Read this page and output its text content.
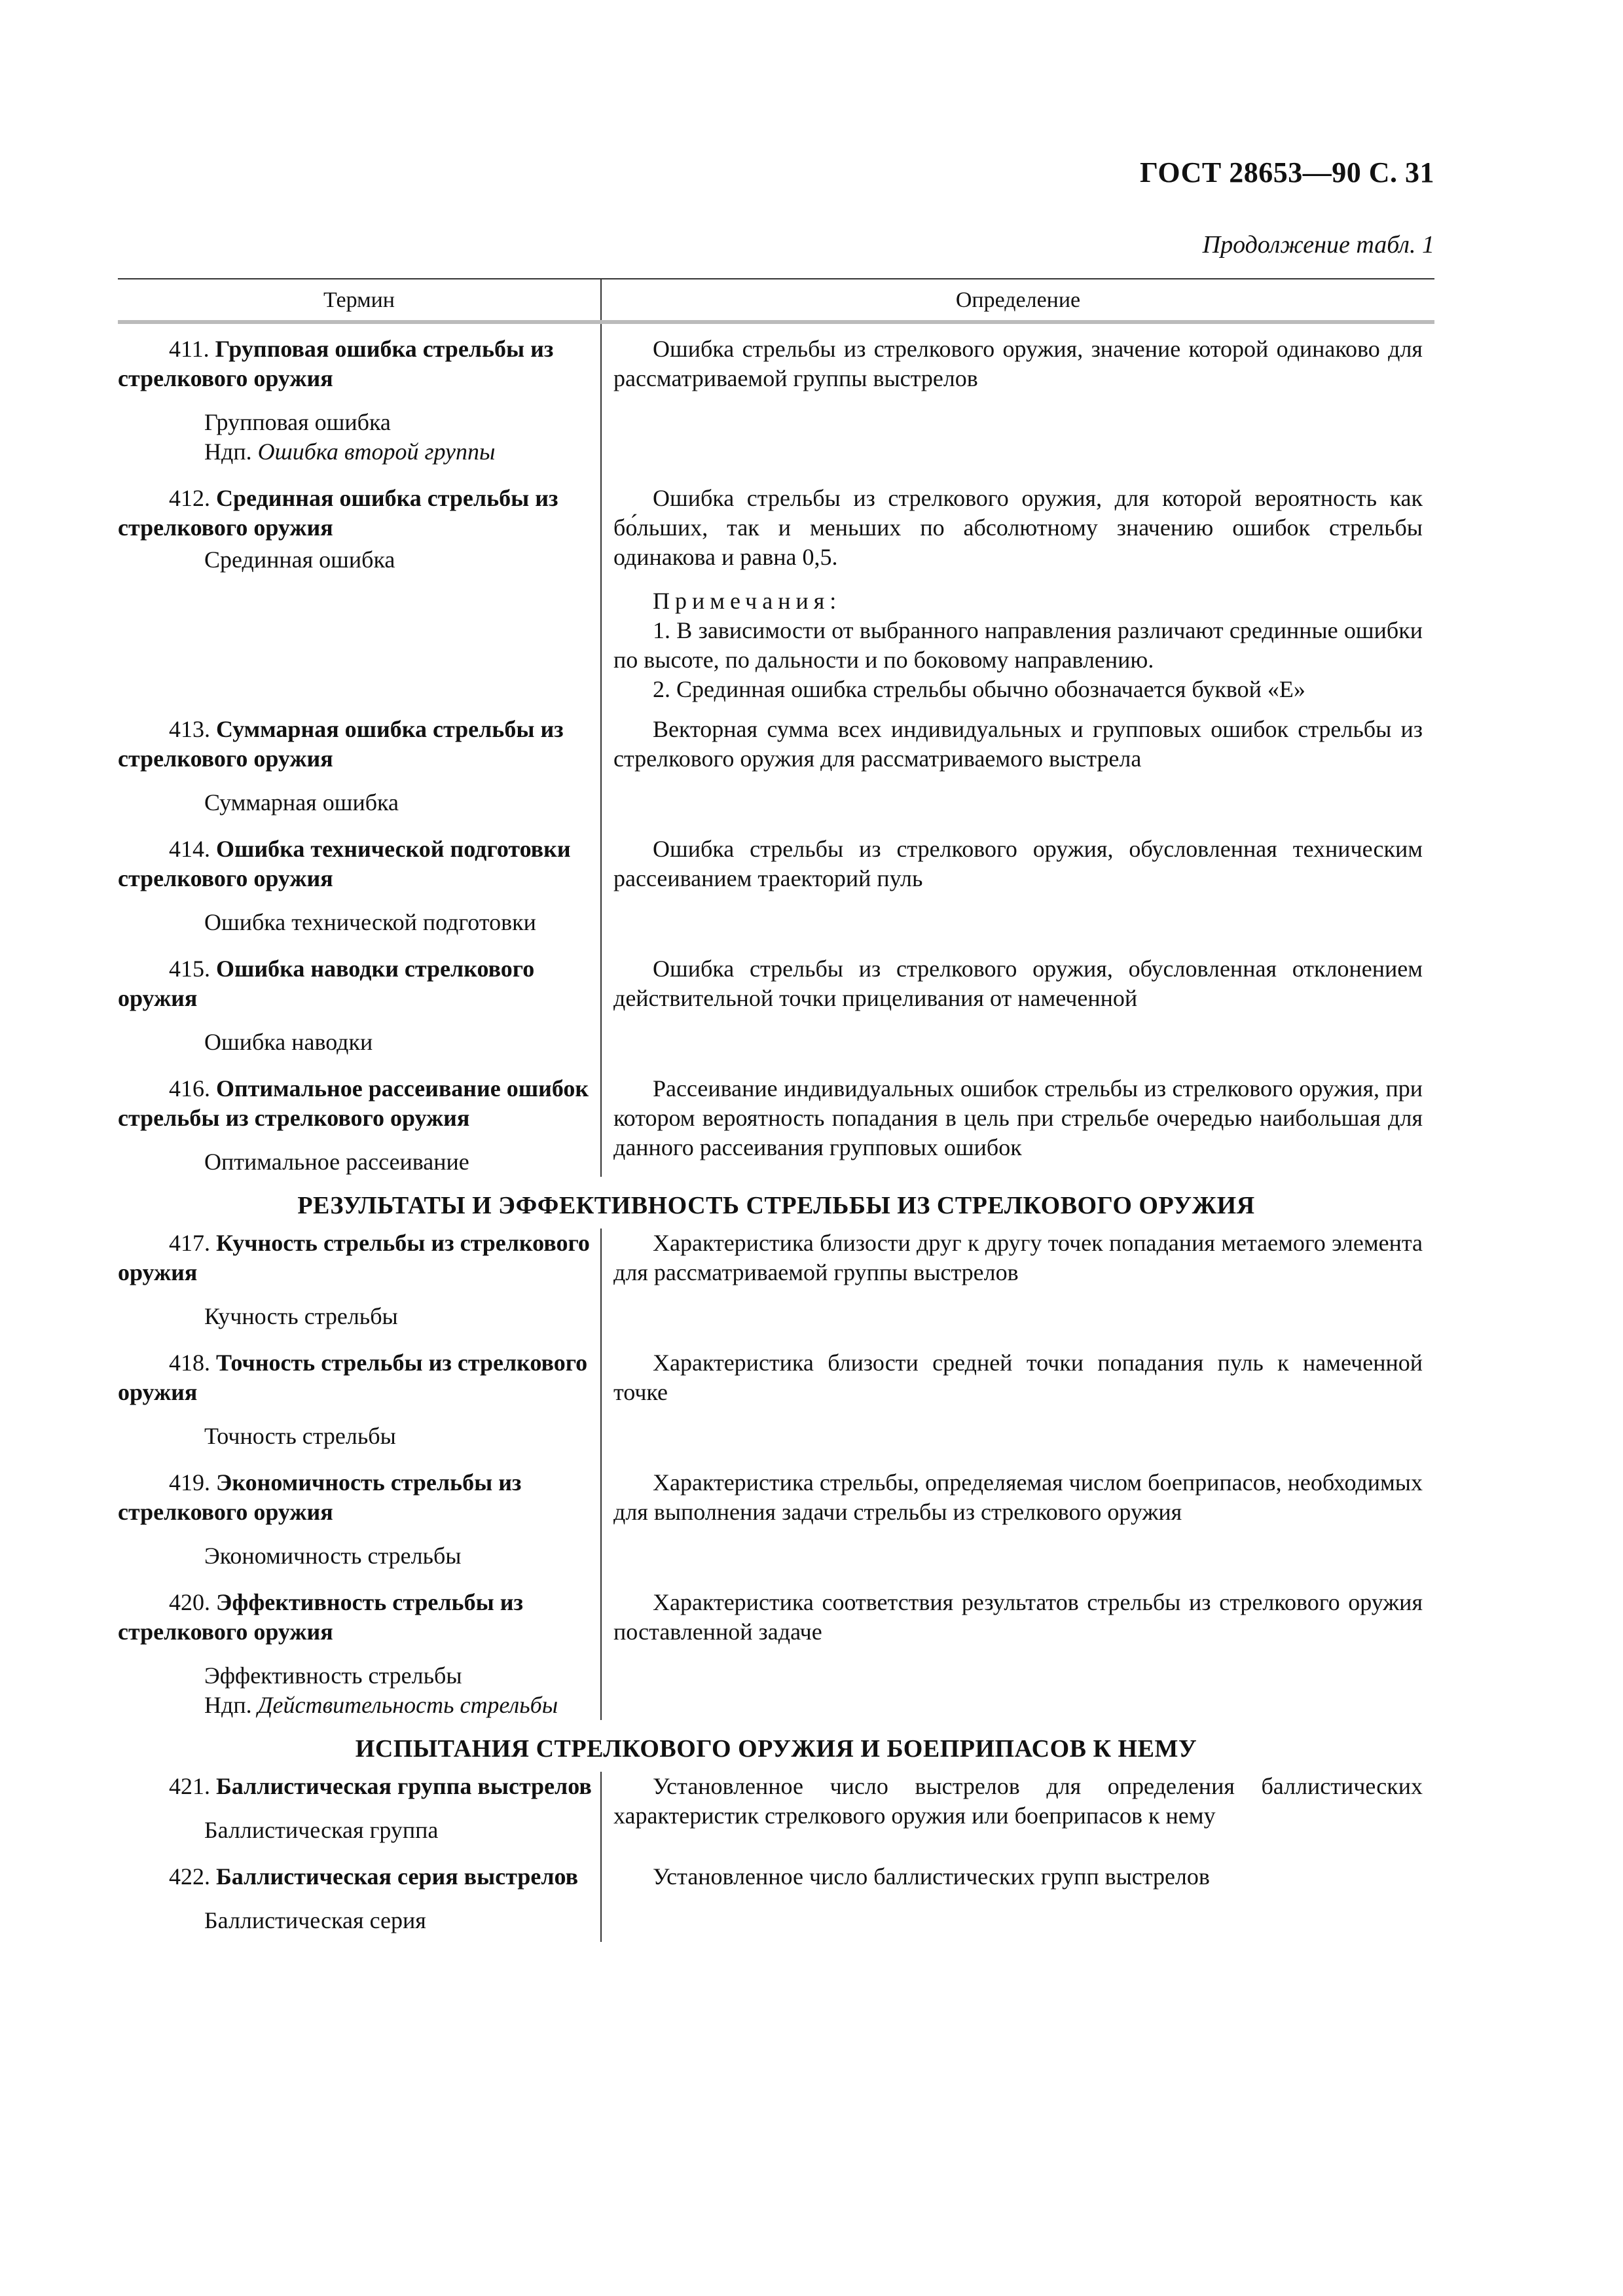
ГОСТ 28653—90 С. 31
Продолжение табл. 1
Термин	Определение
411. Групповая ошибка стрельбы из стрелкового оружия
Групповая ошибка
Ндп. Ошибка второй группы
Ошибка стрельбы из стрелкового оружия, значение которой одинаково для рассматриваемой группы выстрелов
412. Срединная ошибка стрельбы из стрелкового оружия
Срединная ошибка
Ошибка стрельбы из стрелкового оружия, для которой вероятность как бо́льших, так и меньших по абсолютному значению ошибок стрельбы одинакова и равна 0,5.
Примечания:
1. В зависимости от выбранного направления различают срединные ошибки по высоте, по дальности и по боковому направлению.
2. Срединная ошибка стрельбы обычно обозначается буквой «Е»
413. Суммарная ошибка стрельбы из стрелкового оружия
Суммарная ошибка
Векторная сумма всех индивидуальных и групповых ошибок стрельбы из стрелкового оружия для рассматриваемого выстрела
414. Ошибка технической подготовки стрелкового оружия
Ошибка технической подготовки
Ошибка стрельбы из стрелкового оружия, обусловленная техническим рассеиванием траекторий пуль
415. Ошибка наводки стрелкового оружия
Ошибка наводки
Ошибка стрельбы из стрелкового оружия, обусловленная отклонением действительной точки прицеливания от намеченной
416. Оптимальное рассеивание ошибок стрельбы из стрелкового оружия
Оптимальное рассеивание
Рассеивание индивидуальных ошибок стрельбы из стрелкового оружия, при котором вероятность попадания в цель при стрельбе очередью наибольшая для данного рассеивания групповых ошибок
РЕЗУЛЬТАТЫ И ЭФФЕКТИВНОСТЬ СТРЕЛЬБЫ ИЗ СТРЕЛКОВОГО ОРУЖИЯ
417. Кучность стрельбы из стрелкового оружия
Кучность стрельбы
Характеристика близости друг к другу точек попадания метаемого элемента для рассматриваемой группы выстрелов
418. Точность стрельбы из стрелкового оружия
Точность стрельбы
Характеристика близости средней точки попадания пуль к намеченной точке
419. Экономичность стрельбы из стрелкового оружия
Экономичность стрельбы
Характеристика стрельбы, определяемая числом боеприпасов, необходимых для выполнения задачи стрельбы из стрелкового оружия
420. Эффективность стрельбы из стрелкового оружия
Эффективность стрельбы
Ндп. Действительность стрельбы
Характеристика соответствия результатов стрельбы из стрелкового оружия поставленной задаче
ИСПЫТАНИЯ СТРЕЛКОВОГО ОРУЖИЯ И БОЕПРИПАСОВ К НЕМУ
421. Баллистическая группа выстрелов
Баллистическая группа
Установленное число выстрелов для определения баллистических характеристик стрелкового оружия или боеприпасов к нему
422. Баллистическая серия выстрелов
Баллистическая серия
Установленное число баллистических групп выстрелов
